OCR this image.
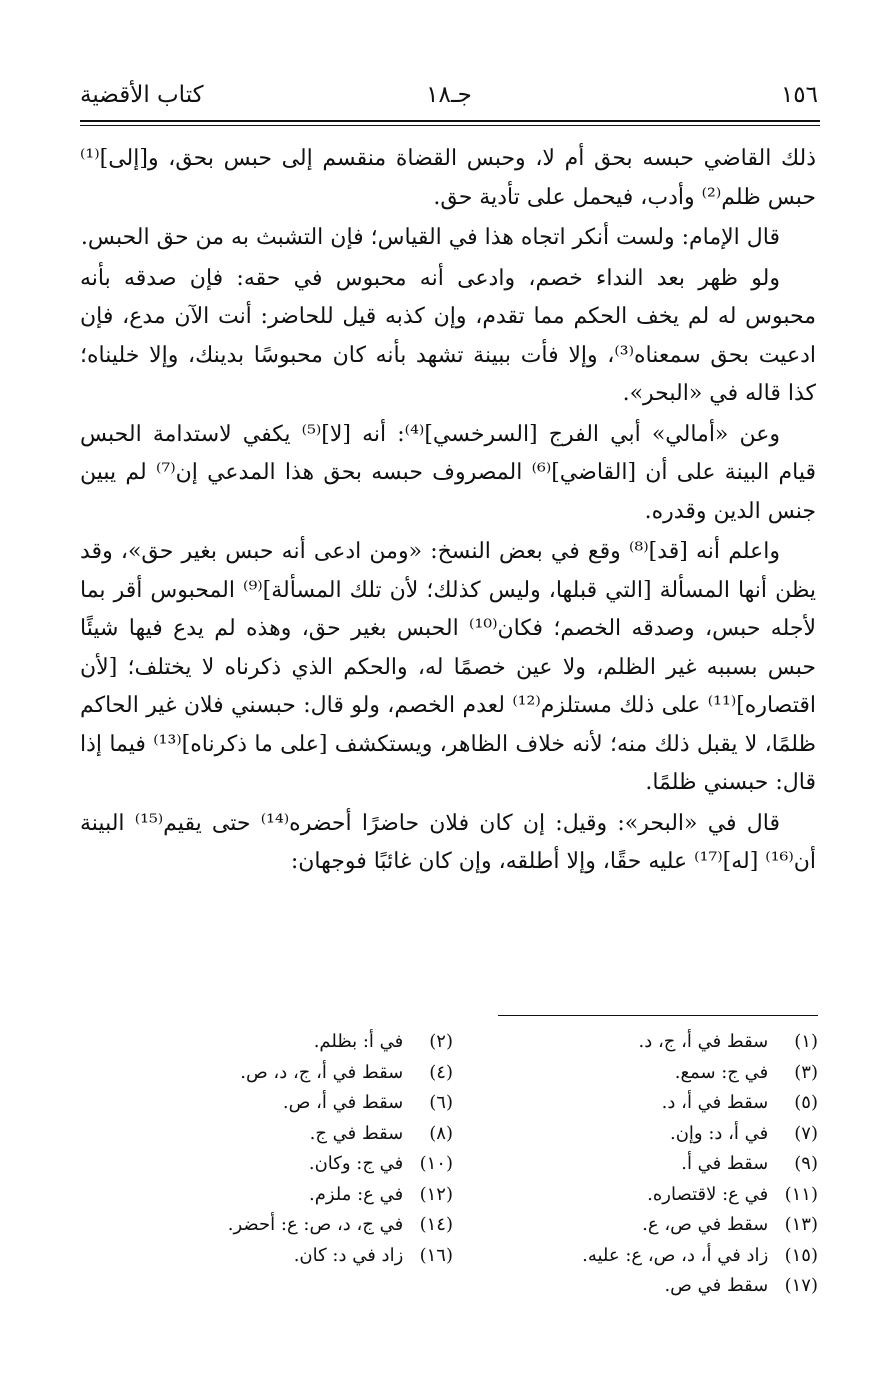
١٥٦
جـ١٨
كتاب الأقضية

ذلك القاضي حبسه بحق أم لا، وحبس القضاة منقسم إلى حبس بحق، و[إلى]⁽¹⁾ حبس ظلم⁽²⁾ وأدب، فيحمل على تأدية حق.

قال الإمام: ولست أنكر اتجاه هذا في القياس؛ فإن التشبث به من حق الحبس.

ولو ظهر بعد النداء خصم، وادعى أنه محبوس في حقه: فإن صدقه بأنه محبوس له لم يخف الحكم مما تقدم، وإن كذبه قيل للحاضر: أنت الآن مدع، فإن ادعيت بحق سمعناه⁽³⁾، وإلا فأت ببينة تشهد بأنه كان محبوسًا بدينك، وإلا خليناه؛ كذا قاله في «البحر».

وعن «أمالي» أبي الفرج [السرخسي]⁽⁴⁾: أنه [لا]⁽⁵⁾ يكفي لاستدامة الحبس قيام البينة على أن [القاضي]⁽⁶⁾ المصروف حبسه بحق هذا المدعي إن⁽⁷⁾ لم يبين جنس الدين وقدره.

واعلم أنه [قد]⁽⁸⁾ وقع في بعض النسخ: «ومن ادعى أنه حبس بغير حق»، وقد يظن أنها المسألة [التي قبلها، وليس كذلك؛ لأن تلك المسألة]⁽⁹⁾ المحبوس أقر بما لأجله حبس، وصدقه الخصم؛ فكان⁽¹⁰⁾ الحبس بغير حق، وهذه لم يدع فيها شيئًا حبس بسببه غير الظلم، ولا عين خصمًا له، والحكم الذي ذكرناه لا يختلف؛ [لأن اقتصاره]⁽¹¹⁾ على ذلك مستلزم⁽¹²⁾ لعدم الخصم، ولو قال: حبسني فلان غير الحاكم ظلمًا، لا يقبل ذلك منه؛ لأنه خلاف الظاهر، ويستكشف [على ما ذكرناه]⁽¹³⁾ فيما إذا قال: حبسني ظلمًا.

قال في «البحر»: وقيل: إن كان فلان حاضرًا أحضره⁽¹⁴⁾ حتى يقيم⁽¹⁵⁾ البينة أن⁽¹⁶⁾ [له]⁽¹⁷⁾ عليه حقًا، وإلا أطلقه، وإن كان غائبًا فوجهان:

(١) سقط في أ، ج، د.
(٣) في ج: سمع.
(٥) سقط في أ، د.
(٧) في أ، د: وإن.
(٩) سقط في أ.
(١١) في ع: لاقتصاره.
(١٣) سقط في ص، ع.
(١٥) زاد في أ، د، ص، ع: عليه.
(١٧) سقط في ص.
(٢) في أ: بظلم.
(٤) سقط في أ، ج، د، ص.
(٦) سقط في أ، ص.
(٨) سقط في ج.
(١٠) في ج: وكان.
(١٢) في ع: ملزم.
(١٤) في ج، د، ص: ع: أحضر.
(١٦) زاد في د: كان.
